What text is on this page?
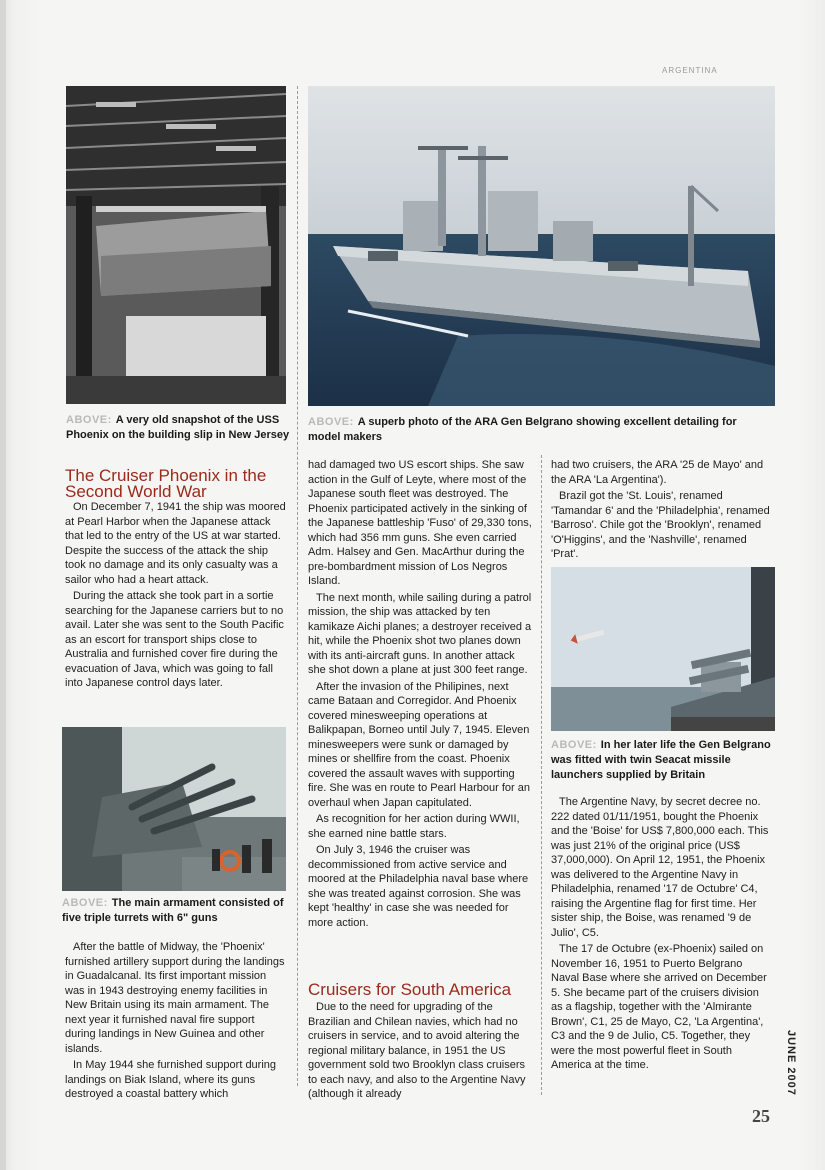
ARGENTINA
ABOVE: A very old snapshot of the USS Phoenix on the building slip in New Jersey
ABOVE: A superb photo of the ARA Gen Belgrano showing excellent detailing for model makers
The Cruiser Phoenix in the Second World War

On December 7, 1941 the ship was moored at Pearl Harbor when the Japanese attack that led to the entry of the US at war started. Despite the success of the attack the ship took no damage and its only casualty was a sailor who had a heart attack.

During the attack she took part in a sortie searching for the Japanese carriers but to no avail. Later she was sent to the South Pacific as an escort for transport ships close to Australia and furnished cover fire during the evacuation of Java, which was going to fall into Japanese control days later.

ABOVE: The main armament consisted of five triple turrets with 6" guns

After the battle of Midway, the 'Phoenix' furnished artillery support during the landings in Guadalcanal. Its first important mission was in 1943 destroying enemy facilities in New Britain using its main armament. The next year it furnished naval fire support during landings in New Guinea and other islands.

In May 1944 she furnished support during landings on Biak Island, where its guns destroyed a coastal battery which

had damaged two US escort ships. She saw action in the Gulf of Leyte, where most of the Japanese south fleet was destroyed. The Phoenix participated actively in the sinking of the Japanese battleship 'Fuso' of 29,330 tons, which had 356 mm guns. She even carried Adm. Halsey and Gen. MacArthur during the pre-bombardment mission of Los Negros Island.

The next month, while sailing during a patrol mission, the ship was attacked by ten kamikaze Aichi planes; a destroyer received a hit, while the Phoenix shot two planes down with its anti-aircraft guns. In another attack she shot down a plane at just 300 feet range.

After the invasion of the Philipines, next came Bataan and Corregidor. And Phoenix covered minesweeping operations at Balikpapan, Borneo until July 7, 1945. Eleven minesweepers were sunk or damaged by mines or shellfire from the coast. Phoenix covered the assault waves with supporting fire. She was en route to Pearl Harbour for an overhaul when Japan capitulated.

As recognition for her action during WWII, she earned nine battle stars.

On July 3, 1946 the cruiser was decommissioned from active service and moored at the Philadelphia naval base where she was treated against corrosion. She was kept 'healthy' in case she was needed for more action.

Cruisers for South America

Due to the need for upgrading of the Brazilian and Chilean navies, which had no cruisers in service, and to avoid altering the regional military balance, in 1951 the US government sold two Brooklyn class cruisers to each navy, and also to the Argentine Navy (although it already

had two cruisers, the ARA '25 de Mayo' and the ARA 'La Argentina').

Brazil got the 'St. Louis', renamed 'Tamandar 6' and the 'Philadelphia', renamed 'Barroso'. Chile got the 'Brooklyn', renamed 'O'Higgins', and the 'Nashville', renamed 'Prat'.

ABOVE: In her later life the Gen Belgrano was fitted with twin Seacat missile launchers supplied by Britain

The Argentine Navy, by secret decree no. 222 dated 01/11/1951, bought the Phoenix and the 'Boise' for US$ 7,800,000 each. This was just 21% of the original price (US$ 37,000,000). On April 12, 1951, the Phoenix was delivered to the Argentine Navy in Philadelphia, renamed '17 de Octubre' C4, raising the Argentine flag for first time. Her sister ship, the Boise, was renamed '9 de Julio', C5.

The 17 de Octubre (ex-Phoenix) sailed on November 16, 1951 to Puerto Belgrano Naval Base where she arrived on December 5. She became part of the cruisers division as a flagship, together with the 'Almirante Brown', C1, 25 de Mayo, C2, 'La Argentina', C3 and the 9 de Julio, C5. Together, they were the most powerful fleet in South America at the time.	JUNE 2007
25
